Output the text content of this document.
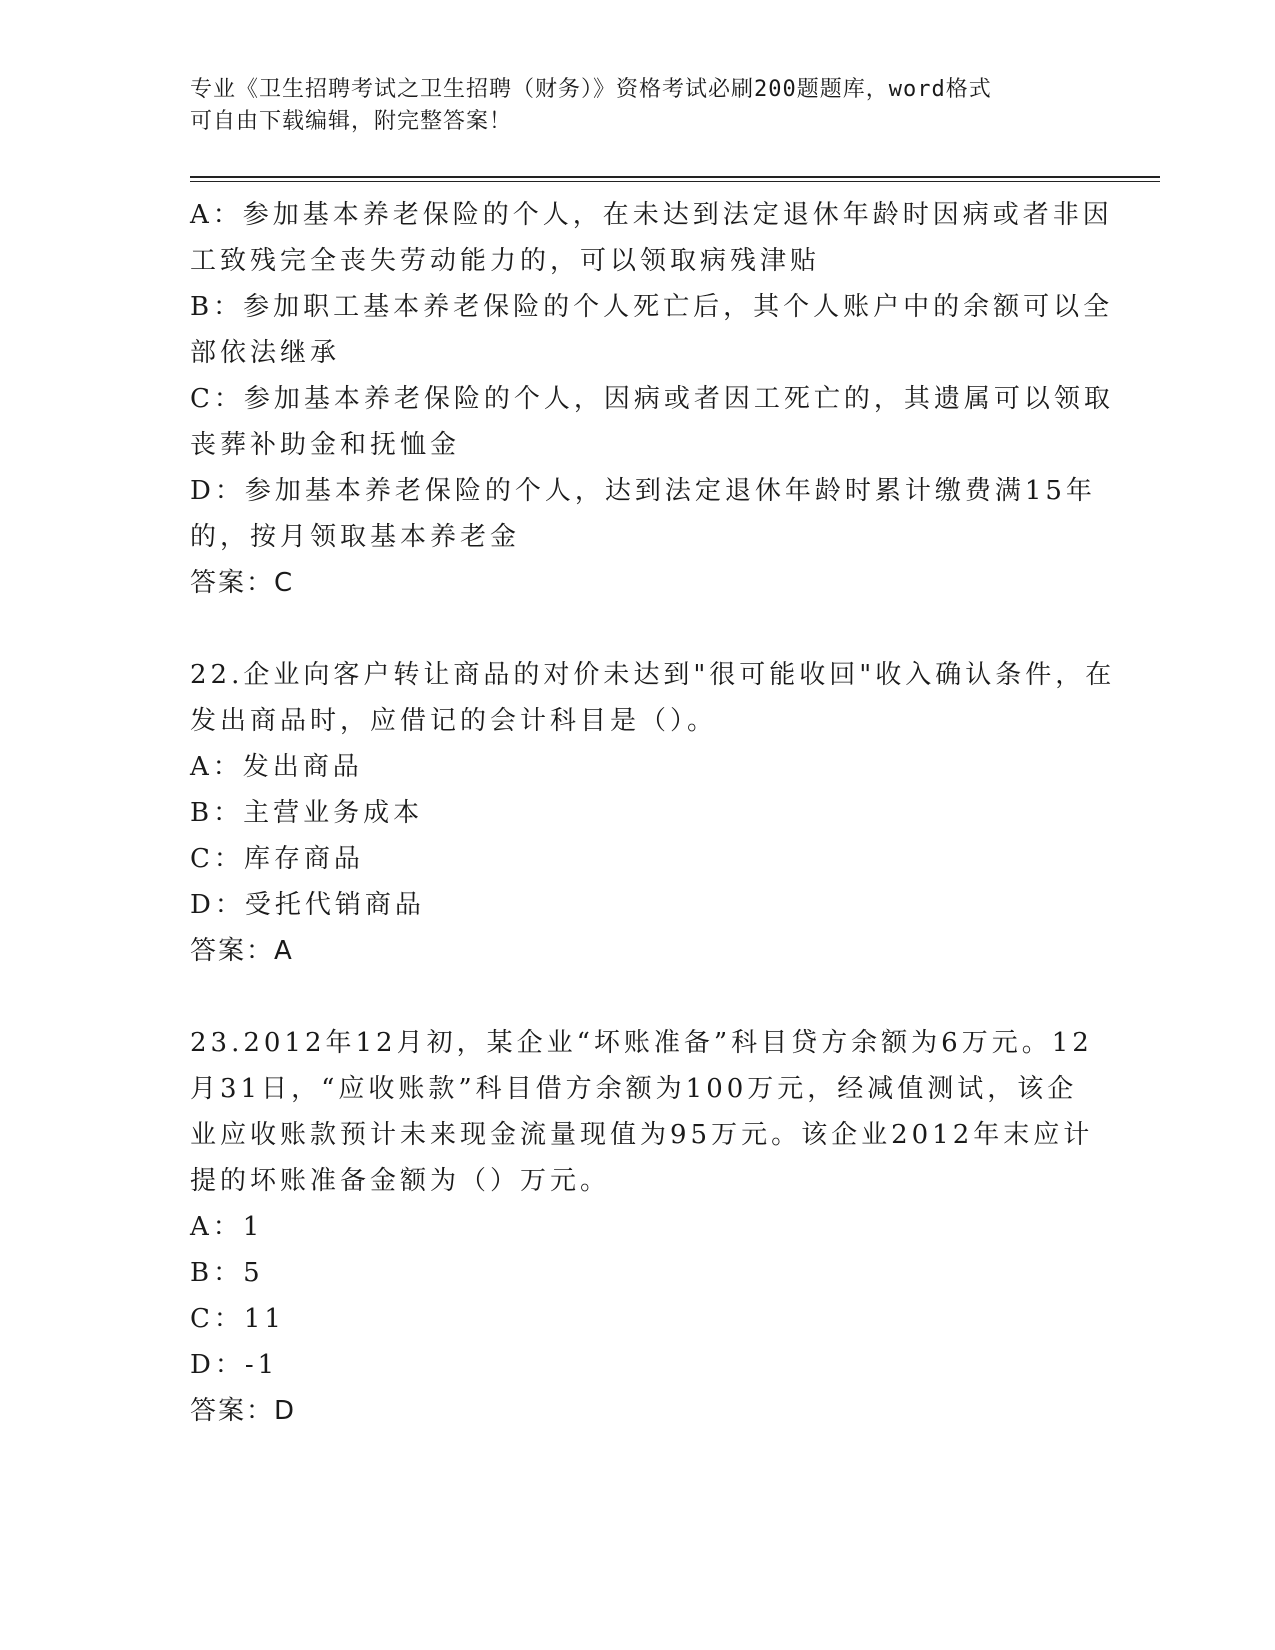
专业《卫生招聘考试之卫生招聘（财务）》资格考试必刷200题题库，word格式
可自由下载编辑，附完整答案！
A：参加基本养老保险的个人，在未达到法定退休年龄时因病或者非因
工致残完全丧失劳动能力的，可以领取病残津贴
B：参加职工基本养老保险的个人死亡后，其个人账户中的余额可以全
部依法继承
C：参加基本养老保险的个人，因病或者因工死亡的，其遗属可以领取
丧葬补助金和抚恤金
D：参加基本养老保险的个人，达到法定退休年龄时累计缴费满15年
的，按月领取基本养老金
答案：C
22.企业向客户转让商品的对价未达到"很可能收回"收入确认条件，在
发出商品时，应借记的会计科目是（）。
A：发出商品
B：主营业务成本
C：库存商品
D：受托代销商品
答案：A
23.2012年12月初，某企业“坏账准备”科目贷方余额为6万元。12
月31日，“应收账款”科目借方余额为100万元，经减值测试，该企
业应收账款预计未来现金流量现值为95万元。该企业2012年末应计
提的坏账准备金额为（）万元。
A：1
B：5
C：11
D：-1
答案：D
